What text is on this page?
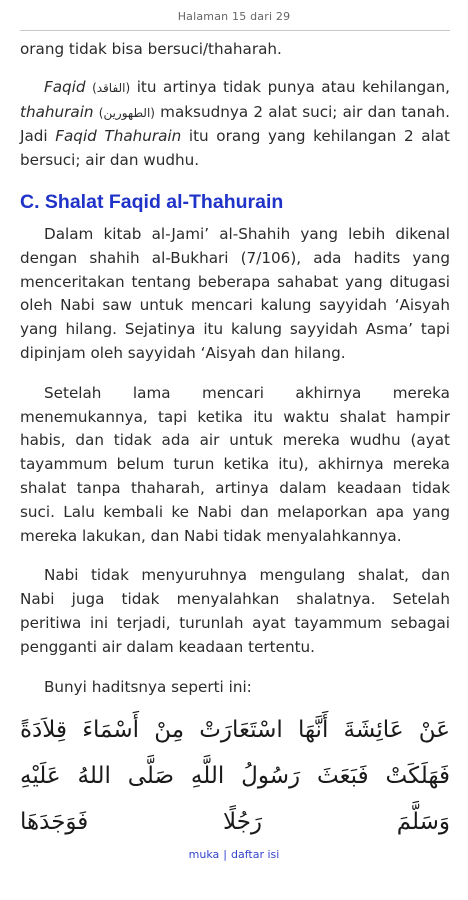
Halaman 15 dari 29

orang tidak bisa bersuci/thaharah.

Faqid (الفاقد) itu artinya tidak punya atau kehilangan, thahurain (الطهورين) maksudnya 2 alat suci; air dan tanah. Jadi Faqid Thahurain itu orang yang kehilangan 2 alat bersuci; air dan wudhu.

C. Shalat Faqid al-Thahurain

Dalam kitab al-Jami’ al-Shahih yang lebih dikenal dengan shahih al-Bukhari (7/106), ada hadits yang menceritakan tentang beberapa sahabat yang ditugasi oleh Nabi saw untuk mencari kalung sayyidah ‘Aisyah yang hilang. Sejatinya itu kalung sayyidah Asma’ tapi dipinjam oleh sayyidah ‘Aisyah dan hilang.

Setelah lama mencari akhirnya mereka menemukannya, tapi ketika itu waktu shalat hampir habis, dan tidak ada air untuk mereka wudhu (ayat tayammum belum turun ketika itu), akhirnya mereka shalat tanpa thaharah, artinya dalam keadaan tidak suci. Lalu kembali ke Nabi dan melaporkan apa yang mereka lakukan, dan Nabi tidak menyalahkannya.

Nabi tidak menyuruhnya mengulang shalat, dan Nabi juga tidak menyalahkan shalatnya. Setelah peritiwa ini terjadi, turunlah ayat tayammum sebagai pengganti air dalam keadaan tertentu.

Bunyi haditsnya seperti ini:

عَنْ عَائِشَةَ أَنَّهَا اسْتَعَارَتْ مِنْ أَسْمَاءَ قِلاَدَةً فَهَلَكَتْ فَبَعَثَ رَسُولُ اللَّهِ صَلَّى اللهُ عَلَيْهِ وَسَلَّمَ رَجُلًا فَوَجَدَهَا
muka | daftar isi
